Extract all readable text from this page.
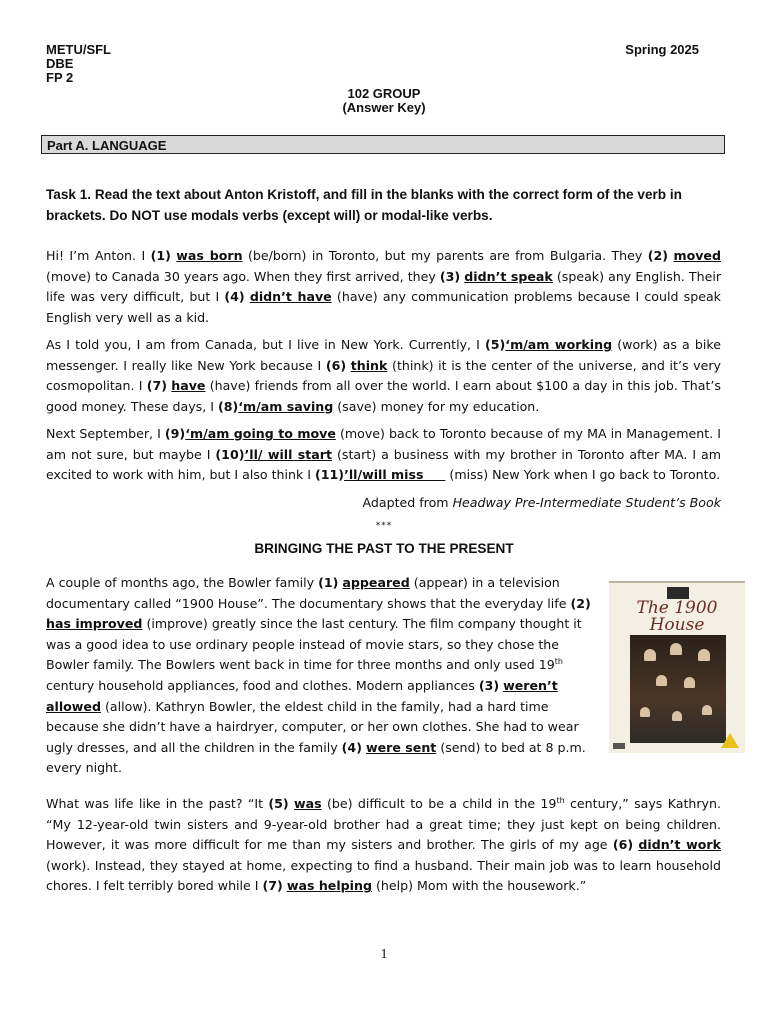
METU/SFL
DBE
FP 2
Spring 2025
102 GROUP
(Answer Key)
Part A. LANGUAGE
Task 1. Read the text about Anton Kristoff, and fill in the blanks with the correct form of the verb in brackets. Do NOT use modals verbs (except will) or modal-like verbs.

Hi! I’m Anton. I (1) was born (be/born) in Toronto, but my parents are from Bulgaria. They (2) moved (move) to Canada 30 years ago. When they first arrived, they (3) didn’t speak (speak) any English. Their life was very difficult, but I (4) didn’t have (have) any communication problems because I could speak English very well as a kid.

As I told you, I am from Canada, but I live in New York. Currently, I (5)‘m/am working (work) as a bike messenger. I really like New York because I (6) think (think) it is the center of the universe, and it’s very cosmopolitan. I (7) have (have) friends from all over the world. I earn about $100 a day in this job. That’s good money. These days, I (8)‘m/am saving (save) money for my education.

Next September, I (9)‘m/am going to move (move) back to Toronto because of my MA in Management. I am not sure, but maybe I (10)’ll/ will start (start) a business with my brother in Toronto after MA. I am excited to work with him, but I also think I (11)’ll/will miss      (miss) New York when I go back to Toronto.

Adapted from Headway Pre-Intermediate Student’s Book
***
BRINGING THE PAST TO THE PRESENT

A couple of months ago, the Bowler family (1) appeared (appear) in a television documentary called “1900 House”. The documentary shows that the everyday life (2) has improved (improve) greatly since the last century. The film company thought it was a good idea to use ordinary people instead of movie stars, so they chose the Bowler family. The Bowlers went back in time for three months and only used 19th century household appliances, food and clothes. Modern appliances (3) weren’t allowed (allow). Kathryn Bowler, the eldest child in the family, had a hard time because she didn’t have a hairdryer, computer, or her own clothes. She had to wear ugly dresses, and all the children in the family (4) were sent (send) to bed at 8 p.m. every night.

The 1900
House

What was life like in the past? “It (5) was (be) difficult to be a child in the 19th century,” says Kathryn. “My 12-year-old twin sisters and 9-year-old brother had a great time; they just kept on being children. However, it was more difficult for me than my sisters and brother. The girls of my age (6) didn’t work (work). Instead, they stayed at home, expecting to find a husband. Their main job was to learn household chores. I felt terribly bored while I (7) was helping (help) Mom with the housework.”

1
